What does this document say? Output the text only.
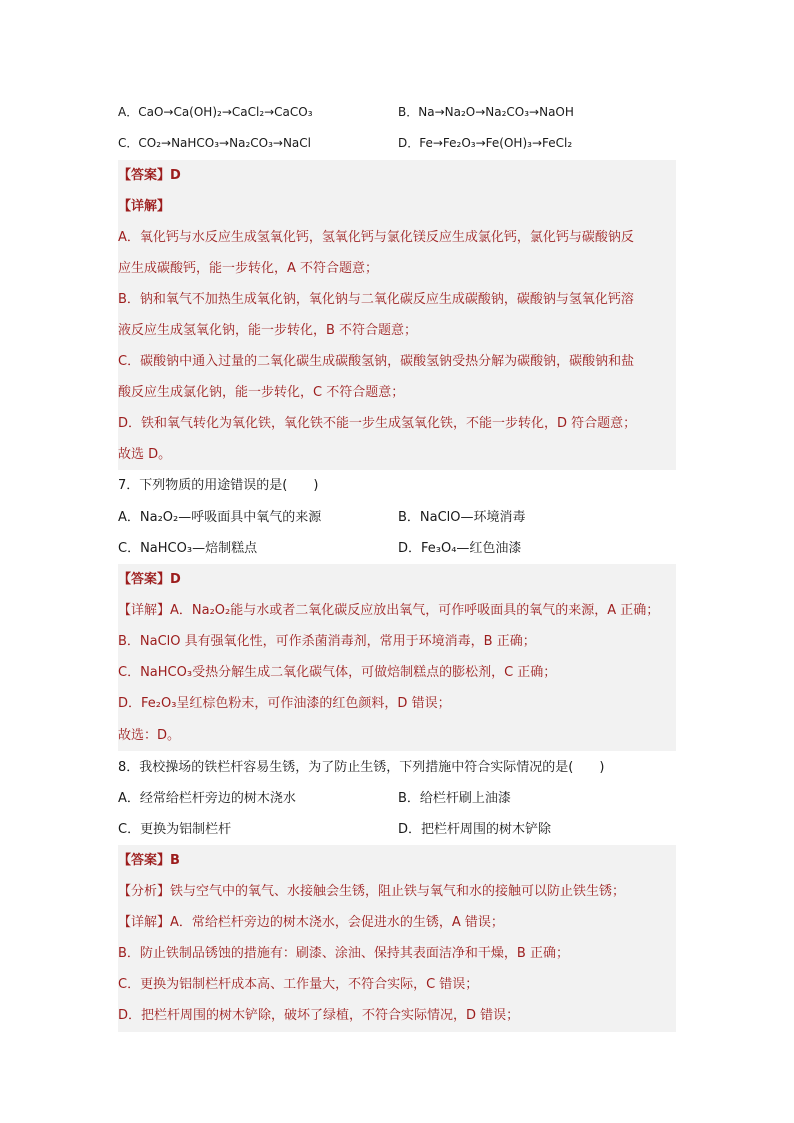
A．CaO→Ca(OH)₂→CaCl₂→CaCO₃	B．Na→Na₂O→Na₂CO₃→NaOH
C．CO₂→NaHCO₃→Na₂CO₃→NaCl	D．Fe→Fe₂O₃→Fe(OH)₃→FeCl₂
【答案】D
【详解】
A．氧化钙与水反应生成氢氧化钙，氢氧化钙与氯化镁反应生成氯化钙，氯化钙与碳酸钠反
应生成碳酸钙，能一步转化，A 不符合题意；
B．钠和氧气不加热生成氧化钠，氧化钠与二氧化碳反应生成碳酸钠，碳酸钠与氢氧化钙溶
液反应生成氢氧化钠，能一步转化，B 不符合题意；
C．碳酸钠中通入过量的二氧化碳生成碳酸氢钠，碳酸氢钠受热分解为碳酸钠，碳酸钠和盐
酸反应生成氯化钠，能一步转化，C 不符合题意；
D．铁和氧气转化为氧化铁，氧化铁不能一步生成氢氧化铁，不能一步转化，D 符合题意；
故选 D。
7．下列物质的用途错误的是(　　)
A．Na₂O₂—呼吸面具中氧气的来源	B．NaClO—环境消毒
C．NaHCO₃—焙制糕点	D．Fe₃O₄—红色油漆
【答案】D
【详解】A．Na₂O₂能与水或者二氧化碳反应放出氧气，可作呼吸面具的氧气的来源，A 正确；
B．NaClO 具有强氧化性，可作杀菌消毒剂，常用于环境消毒，B 正确；
C．NaHCO₃受热分解生成二氧化碳气体，可做焙制糕点的膨松剂，C 正确；
D．Fe₂O₃呈红棕色粉末，可作油漆的红色颜料，D 错误；
故选：D。
8．我校操场的铁栏杆容易生锈，为了防止生锈，下列措施中符合实际情况的是(　　)
A．经常给栏杆旁边的树木浇水	B．给栏杆刷上油漆
C．更换为铝制栏杆	D．把栏杆周围的树木铲除
【答案】B
【分析】铁与空气中的氧气、水接触会生锈，阻止铁与氧气和水的接触可以防止铁生锈；
【详解】A．常给栏杆旁边的树木浇水，会促进水的生锈，A 错误；
B．防止铁制品锈蚀的措施有：刷漆、涂油、保持其表面洁净和干燥，B 正确；
C．更换为铝制栏杆成本高、工作量大，不符合实际，C 错误；
D．把栏杆周围的树木铲除，破坏了绿植，不符合实际情况，D 错误；
